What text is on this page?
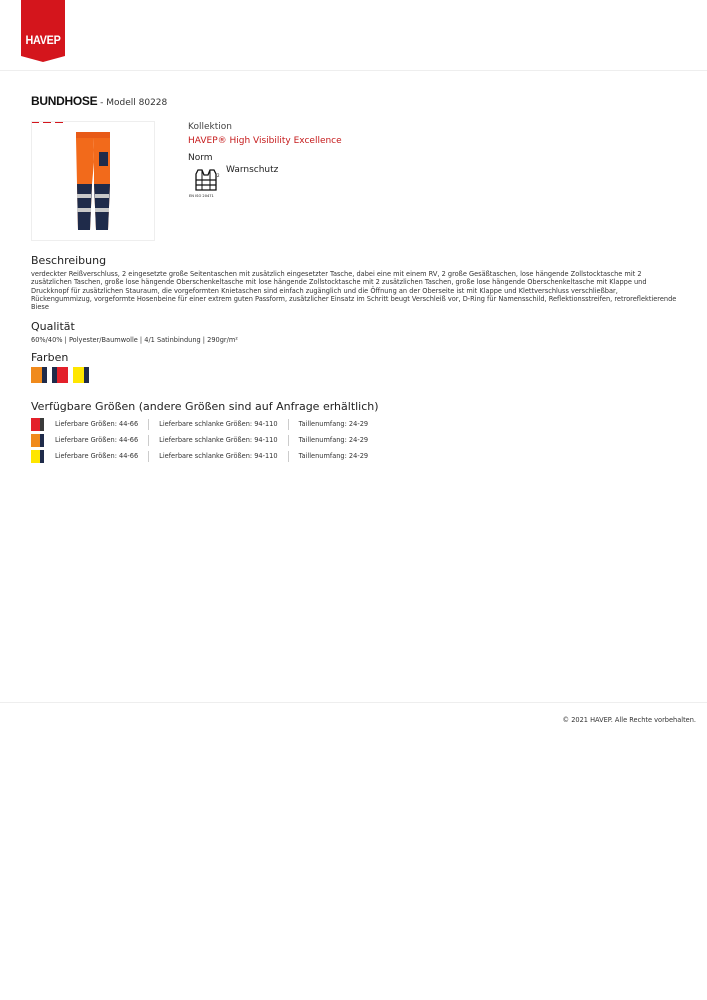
HAVEP
BUNDHOSE - Modell 80228
Kollektion
HAVEP® High Visibility Excellence
Norm
EN ISO 20471
2
Warnschutz
Beschreibung
verdeckter Reißverschluss, 2 eingesetzte große Seitentaschen mit zusätzlich eingesetzter Tasche, dabei eine mit einem RV, 2 große Gesäßtaschen, lose hängende Zollstocktasche mit 2 zusätzlichen Taschen, große lose hängende Oberschenkeltasche mit lose hängende Zollstocktasche mit 2 zusätzlichen Taschen, große lose hängende Oberschenkeltasche mit Klappe und Druckknopf für zusätzlichen Stauraum, die vorgeformten Knietaschen sind einfach zugänglich und die Öffnung an der Oberseite ist mit Klappe und Klettverschluss verschließbar, Rückengummizug, vorgeformte Hosenbeine für einer extrem guten Passform, zusätzlicher Einsatz im Schritt beugt Verschleiß vor, D-Ring für Namensschild, Reflektionsstreifen, retroreflektierende Biese
Qualität
60%/40% | Polyester/Baumwolle | 4/1 Satinbindung | 290gr/m²
Farben
Verfügbare Größen (andere Größen sind auf Anfrage erhältlich)
Lieferbare Größen: 44-66	Lieferbare schlanke Größen: 94-110	Taillenumfang: 24-29
Lieferbare Größen: 44-66	Lieferbare schlanke Größen: 94-110	Taillenumfang: 24-29
Lieferbare Größen: 44-66	Lieferbare schlanke Größen: 94-110	Taillenumfang: 24-29
© 2021 HAVEP. Alle Rechte vorbehalten.
